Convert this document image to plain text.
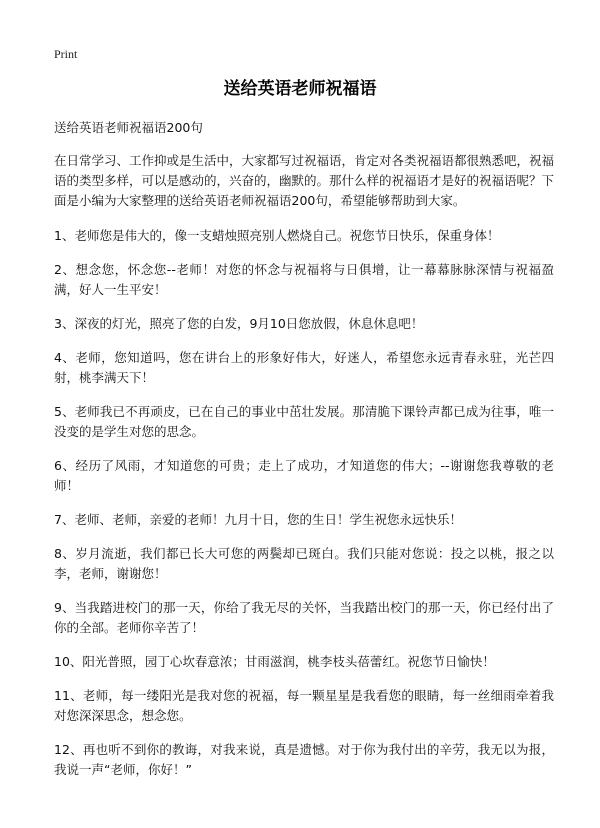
Print
送给英语老师祝福语

送给英语老师祝福语200句

在日常学习、工作抑或是生活中，大家都写过祝福语，肯定对各类祝福语都很熟悉吧，祝福语的类型多样，可以是感动的，兴奋的，幽默的。那什么样的祝福语才是好的祝福语呢？下面是小编为大家整理的送给英语老师祝福语200句，希望能够帮助到大家。

1、老师您是伟大的，像一支蜡烛照亮别人燃烧自己。祝您节日快乐，保重身体！

2、想念您，怀念您--老师！对您的怀念与祝福将与日俱增，让一幕幕脉脉深情与祝福盈满，好人一生平安！

3、深夜的灯光，照亮了您的白发，9月10日您放假，休息休息吧！

4、老师，您知道吗，您在讲台上的形象好伟大，好迷人，希望您永远青春永驻，光芒四射，桃李满天下！

5、老师我已不再顽皮，已在自己的事业中茁壮发展。那清脆下课铃声都已成为往事，唯一没变的是学生对您的思念。

6、经历了风雨，才知道您的可贵；走上了成功，才知道您的伟大；--谢谢您我尊敬的老师！

7、老师、老师，亲爱的老师！九月十日，您的生日！学生祝您永远快乐！

8、岁月流逝，我们都已长大可您的两鬓却已斑白。我们只能对您说：投之以桃，报之以李，老师，谢谢您！

9、当我踏进校门的那一天，你给了我无尽的关怀，当我踏出校门的那一天，你已经付出了你的全部。老师你辛苦了！

10、阳光普照，园丁心坎春意浓；甘雨滋润，桃李枝头蓓蕾红。祝您节日愉快！

11、老师，每一缕阳光是我对您的祝福，每一颗星星是我看您的眼睛，每一丝细雨牵着我对您深深思念，想念您。

12、再也听不到你的教诲，对我来说，真是遗憾。对于你为我付出的辛劳，我无以为报，我说一声“老师，你好！”
